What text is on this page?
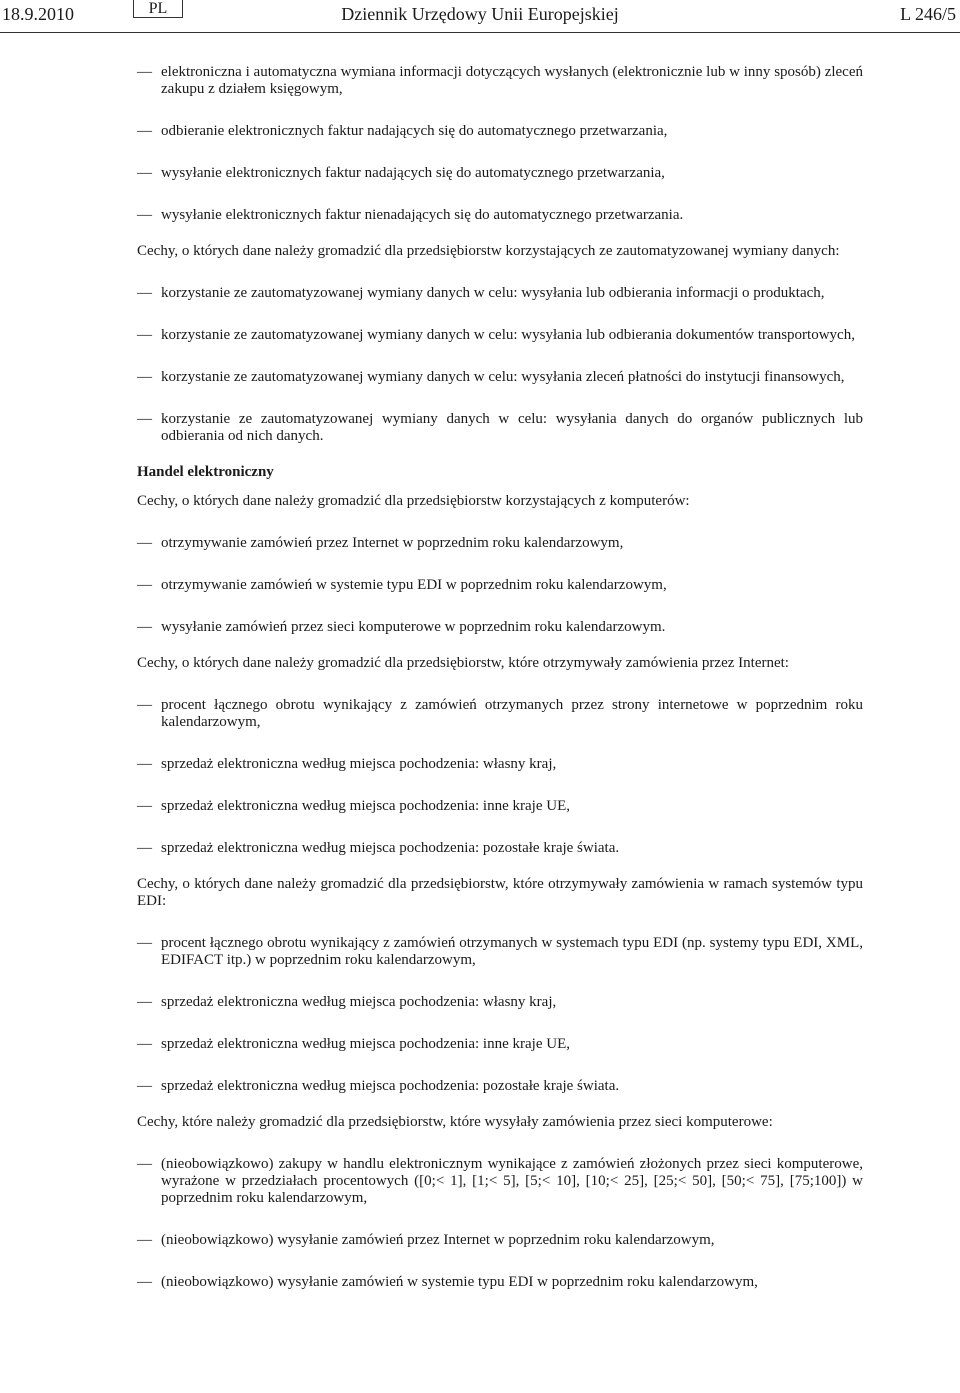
18.9.2010	PL	Dziennik Urzędowy Unii Europejskiej	L 246/5
— elektroniczna i automatyczna wymiana informacji dotyczących wysłanych (elektronicznie lub w inny sposób) zleceń zakupu z działem księgowym,
— odbieranie elektronicznych faktur nadających się do automatycznego przetwarzania,
— wysyłanie elektronicznych faktur nadających się do automatycznego przetwarzania,
— wysyłanie elektronicznych faktur nienadających się do automatycznego przetwarzania.
Cechy, o których dane należy gromadzić dla przedsiębiorstw korzystających ze zautomatyzowanej wymiany danych:
— korzystanie ze zautomatyzowanej wymiany danych w celu: wysyłania lub odbierania informacji o produktach,
— korzystanie ze zautomatyzowanej wymiany danych w celu: wysyłania lub odbierania dokumentów transportowych,
— korzystanie ze zautomatyzowanej wymiany danych w celu: wysyłania zleceń płatności do instytucji finansowych,
— korzystanie ze zautomatyzowanej wymiany danych w celu: wysyłania danych do organów publicznych lub odbierania od nich danych.
Handel elektroniczny
Cechy, o których dane należy gromadzić dla przedsiębiorstw korzystających z komputerów:
— otrzymywanie zamówień przez Internet w poprzednim roku kalendarzowym,
— otrzymywanie zamówień w systemie typu EDI w poprzednim roku kalendarzowym,
— wysyłanie zamówień przez sieci komputerowe w poprzednim roku kalendarzowym.
Cechy, o których dane należy gromadzić dla przedsiębiorstw, które otrzymywały zamówienia przez Internet:
— procent łącznego obrotu wynikający z zamówień otrzymanych przez strony internetowe w poprzednim roku kalendarzowym,
— sprzedaż elektroniczna według miejsca pochodzenia: własny kraj,
— sprzedaż elektroniczna według miejsca pochodzenia: inne kraje UE,
— sprzedaż elektroniczna według miejsca pochodzenia: pozostałe kraje świata.
Cechy, o których dane należy gromadzić dla przedsiębiorstw, które otrzymywały zamówienia w ramach systemów typu EDI:
— procent łącznego obrotu wynikający z zamówień otrzymanych w systemach typu EDI (np. systemy typu EDI, XML, EDIFACT itp.) w poprzednim roku kalendarzowym,
— sprzedaż elektroniczna według miejsca pochodzenia: własny kraj,
— sprzedaż elektroniczna według miejsca pochodzenia: inne kraje UE,
— sprzedaż elektroniczna według miejsca pochodzenia: pozostałe kraje świata.
Cechy, które należy gromadzić dla przedsiębiorstw, które wysyłały zamówienia przez sieci komputerowe:
— (nieobowiązkowo) zakupy w handlu elektronicznym wynikające z zamówień złożonych przez sieci komputerowe, wyrażone w przedziałach procentowych ([0;< 1], [1;< 5], [5;< 10], [10;< 25], [25;< 50], [50;< 75], [75;100]) w poprzednim roku kalendarzowym,
— (nieobowiązkowo) wysyłanie zamówień przez Internet w poprzednim roku kalendarzowym,
— (nieobowiązkowo) wysyłanie zamówień w systemie typu EDI w poprzednim roku kalendarzowym,
